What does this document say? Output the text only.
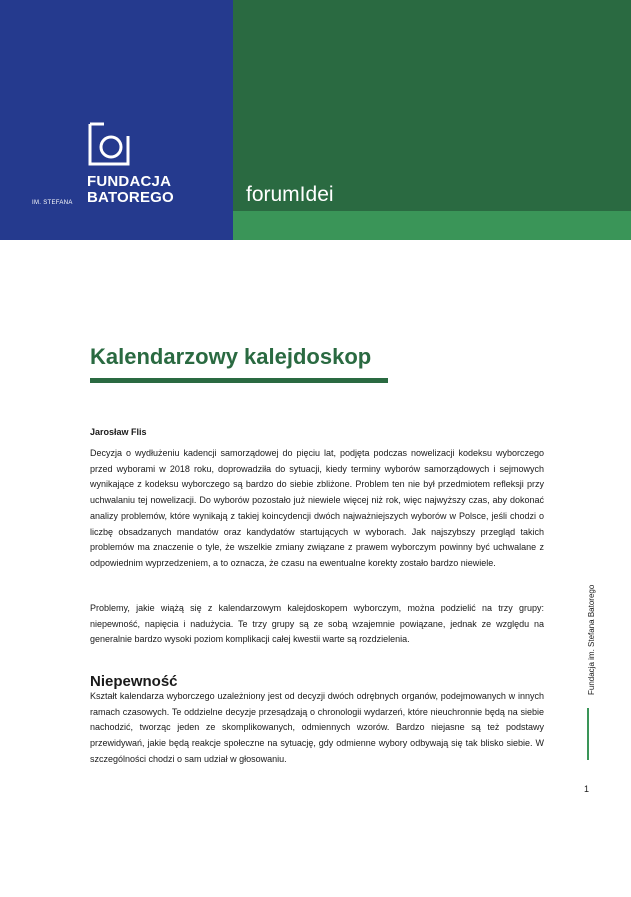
FUNDACJA
IM. STEFANA BATOREGO	forumIdei
Kalendarzowy kalejdoskop
Jarosław Flis

Decyzja o wydłużeniu kadencji samorządowej do pięciu lat, podjęta podczas nowelizacji kodeksu wyborczego przed wyborami w 2018 roku, doprowadziła do sytuacji, kiedy terminy wyborów samorządowych i sejmowych wynikające z kodeksu wyborczego są bardzo do siebie zbliżone. Problem ten nie był przedmiotem refleksji przy uchwalaniu tej nowelizacji. Do wyborów pozostało już niewiele więcej niż rok, więc najwyższy czas, aby dokonać analizy problemów, które wynikają z takiej koincydencji dwóch najważniejszych wyborów w Polsce, jeśli chodzi o liczbę obsadzanych mandatów oraz kandydatów startujących w wyborach. Jak najszybszy przegląd takich problemów ma znaczenie o tyle, że wszelkie zmiany związane z prawem wyborczym powinny być uchwalane z odpowiednim wyprzedzeniem, a to oznacza, że czasu na ewentualne korekty zostało bardzo niewiele.

Problemy, jakie wiążą się z kalendarzowym kalejdoskopem wyborczym, można podzielić na trzy grupy: niepewność, napięcia i nadużycia. Te trzy grupy są ze sobą wzajemnie powiązane, jednak ze względu na generalnie bardzo wysoki poziom komplikacji całej kwestii warte są rozdzielenia.

Niepewność

Kształt kalendarza wyborczego uzależniony jest od decyzji dwóch odrębnych organów, podejmowanych w innych ramach czasowych. Te oddzielne decyzje przesądzają o chronologii wydarzeń, które nieuchronnie będą na siebie nachodzić, tworząc jeden ze skomplikowanych, odmiennych wzorów. Bardzo niejasne są też podstawy przewidywań, jakie będą reakcje społeczne na sytuację, gdy odmienne wybory odbywają się tak blisko siebie. W szczególności chodzi o sam udział w głosowaniu.

Fundacja im. Stefana Batorego
1
